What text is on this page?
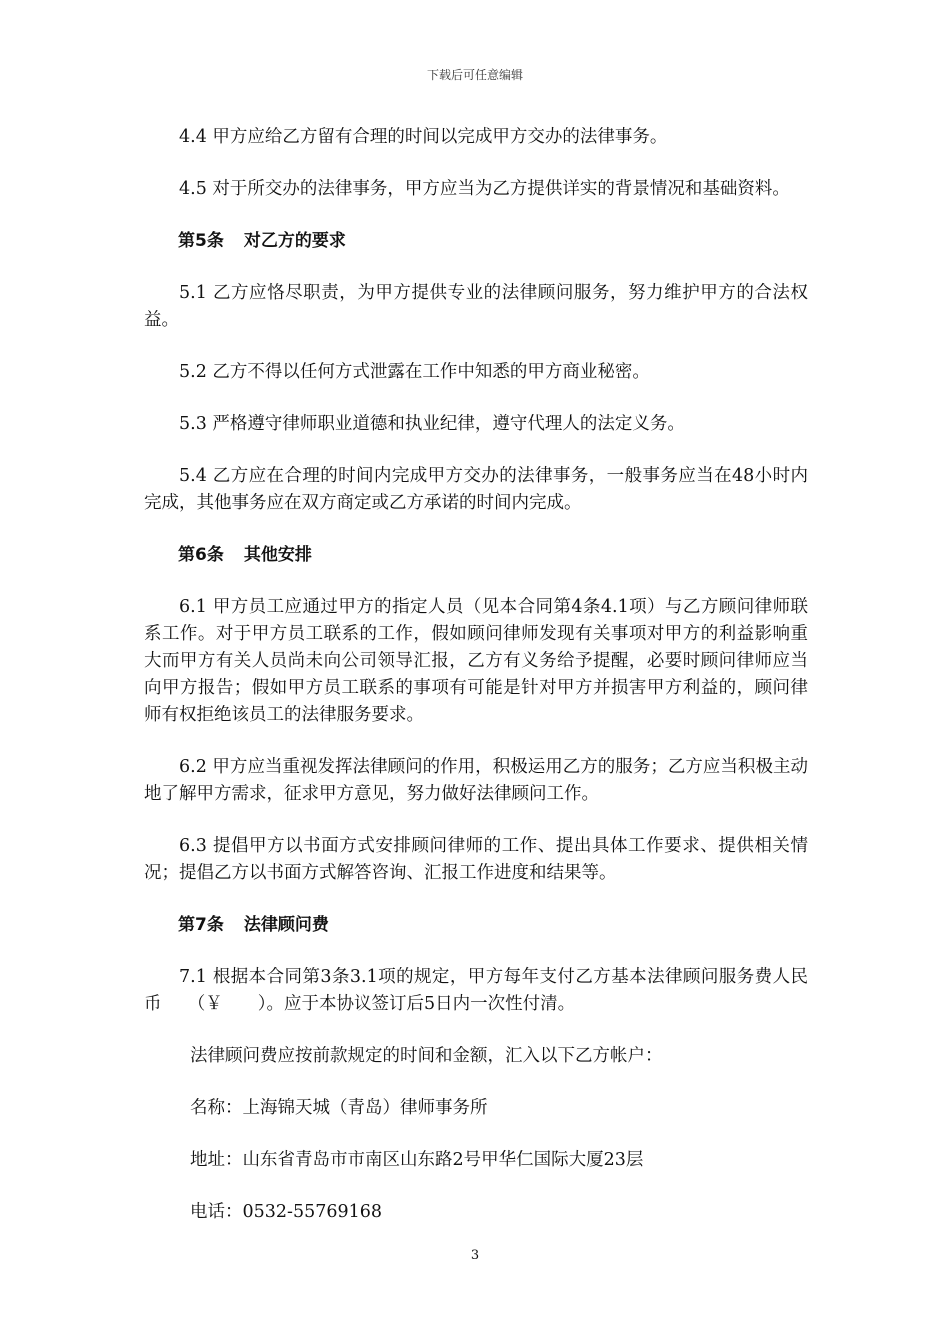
下载后可任意编辑

4.4 甲方应给乙方留有合理的时间以完成甲方交办的法律事务。

4.5 对于所交办的法律事务，甲方应当为乙方提供详实的背景情况和基础资料。

第5条 对乙方的要求

5.1 乙方应恪尽职责，为甲方提供专业的法律顾问服务，努力维护甲方的合法权益。

5.2 乙方不得以任何方式泄露在工作中知悉的甲方商业秘密。

5.3 严格遵守律师职业道德和执业纪律，遵守代理人的法定义务。

5.4 乙方应在合理的时间内完成甲方交办的法律事务，一般事务应当在48小时内完成，其他事务应在双方商定或乙方承诺的时间内完成。

第6条 其他安排

6.1 甲方员工应通过甲方的指定人员（见本合同第4条4.1项）与乙方顾问律师联系工作。对于甲方员工联系的工作，假如顾问律师发现有关事项对甲方的利益影响重大而甲方有关人员尚未向公司领导汇报，乙方有义务给予提醒，必要时顾问律师应当向甲方报告；假如甲方员工联系的事项有可能是针对甲方并损害甲方利益的，顾问律师有权拒绝该员工的法律服务要求。

6.2 甲方应当重视发挥法律顾问的作用，积极运用乙方的服务；乙方应当积极主动地了解甲方需求，征求甲方意见，努力做好法律顾问工作。

6.3 提倡甲方以书面方式安排顾问律师的工作、提出具体工作要求、提供相关情况；提倡乙方以书面方式解答咨询、汇报工作进度和结果等。

第7条 法律顾问费

7.1 根据本合同第3条3.1项的规定，甲方每年支付乙方基本法律顾问服务费人民币　　（￥　　）。应于本协议签订后5日内一次性付清。

法律顾问费应按前款规定的时间和金额，汇入以下乙方帐户：

名称：上海锦天城（青岛）律师事务所

地址：山东省青岛市市南区山东路2号甲华仁国际大厦23层

电话：0532-55769168

3
